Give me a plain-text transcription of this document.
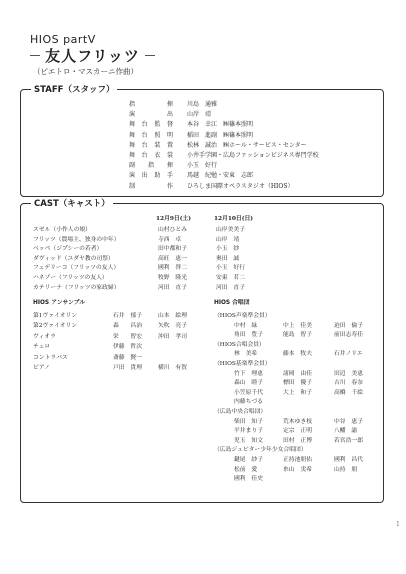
HIOS partⅤ
友人フリッツ
（ピエトロ・マスカーニ作曲）
STAFF（スタッフ）
指揮 川島　通雅
演出 山岸　靖
舞台監督 本谷　幸江　㈱篠本照明
舞台照明 稲田　進副　㈱篠本照明
舞台装置 松林　誠治　㈱ホール・サービス・センター
舞台衣裳 小井手学園・広島ファッションビジネス専門学校
副指揮 小玉　好行
演出助手 馬越　紀勉・安東　志郎
制作 ひろしま国際オペラスタジオ（HIOS）
CAST（キャスト）
12月9日(土)	12月10日(日)
スゼル（小作人の娘）	山村ひとみ	山岸美美子
フリッツ（農場主、独身の中年）	寺西　卓	山岸　靖
ベッペ（ジプシーの若者）	田中都和子	小玉　紗
ダヴィッド（ユダヤ教の司祭）	高旺　恵一	奥田　誠
フェデリーコ（フリッツの友人）	國利　啓二	小玉　好行
ハネゾー（フリッツの友人）	牧野　隆光	安東　茗二
カテリーナ（フリッツの家政婦）	河田　直子	河田　直子
HIOS アンサンブル
第1ヴァイオリン	石井　郁子	山本　絵理
第2ヴァイオリン	森　　昌治	矢吹　亮子
ヴィオラ	栄　　智宏	沖田　孝司
チェロ	伊藤　哲次
コントラバス	斎藤　賢一
ピアノ	戸田　貴理	横川　有賀
HIOS 合唱団
（HIOS声楽準会員）
中村　緑	中上　佳美	迫田　倫子
角田　豊子	能島　智子	前田志寿佳
（HIOS合唱会員）
林　美希	藤本　牧夫	石井ノリエ
（HIOS基楽準会員）
竹下　理恵	諸岡　由佳	田辺　美恵
森山　睦子	標田　優子	吉川　春奈
小笠原千代	大上　和子	高橋　千絵
内藤ちづる
（広島中央合唱団）
柴田　知子	荒木ゆき枝	中谷　恵子
平井まり子	定宗　正明	八幡　諭
児玉　知文	田村　正博	若宮浩一郎
（広島ジュピター少年少女合唱団）
鍵尾　紗子	正持池朋佑	國利　昌代
松前　愛	糸山　実希	山持　朋
國利　佳史
1
